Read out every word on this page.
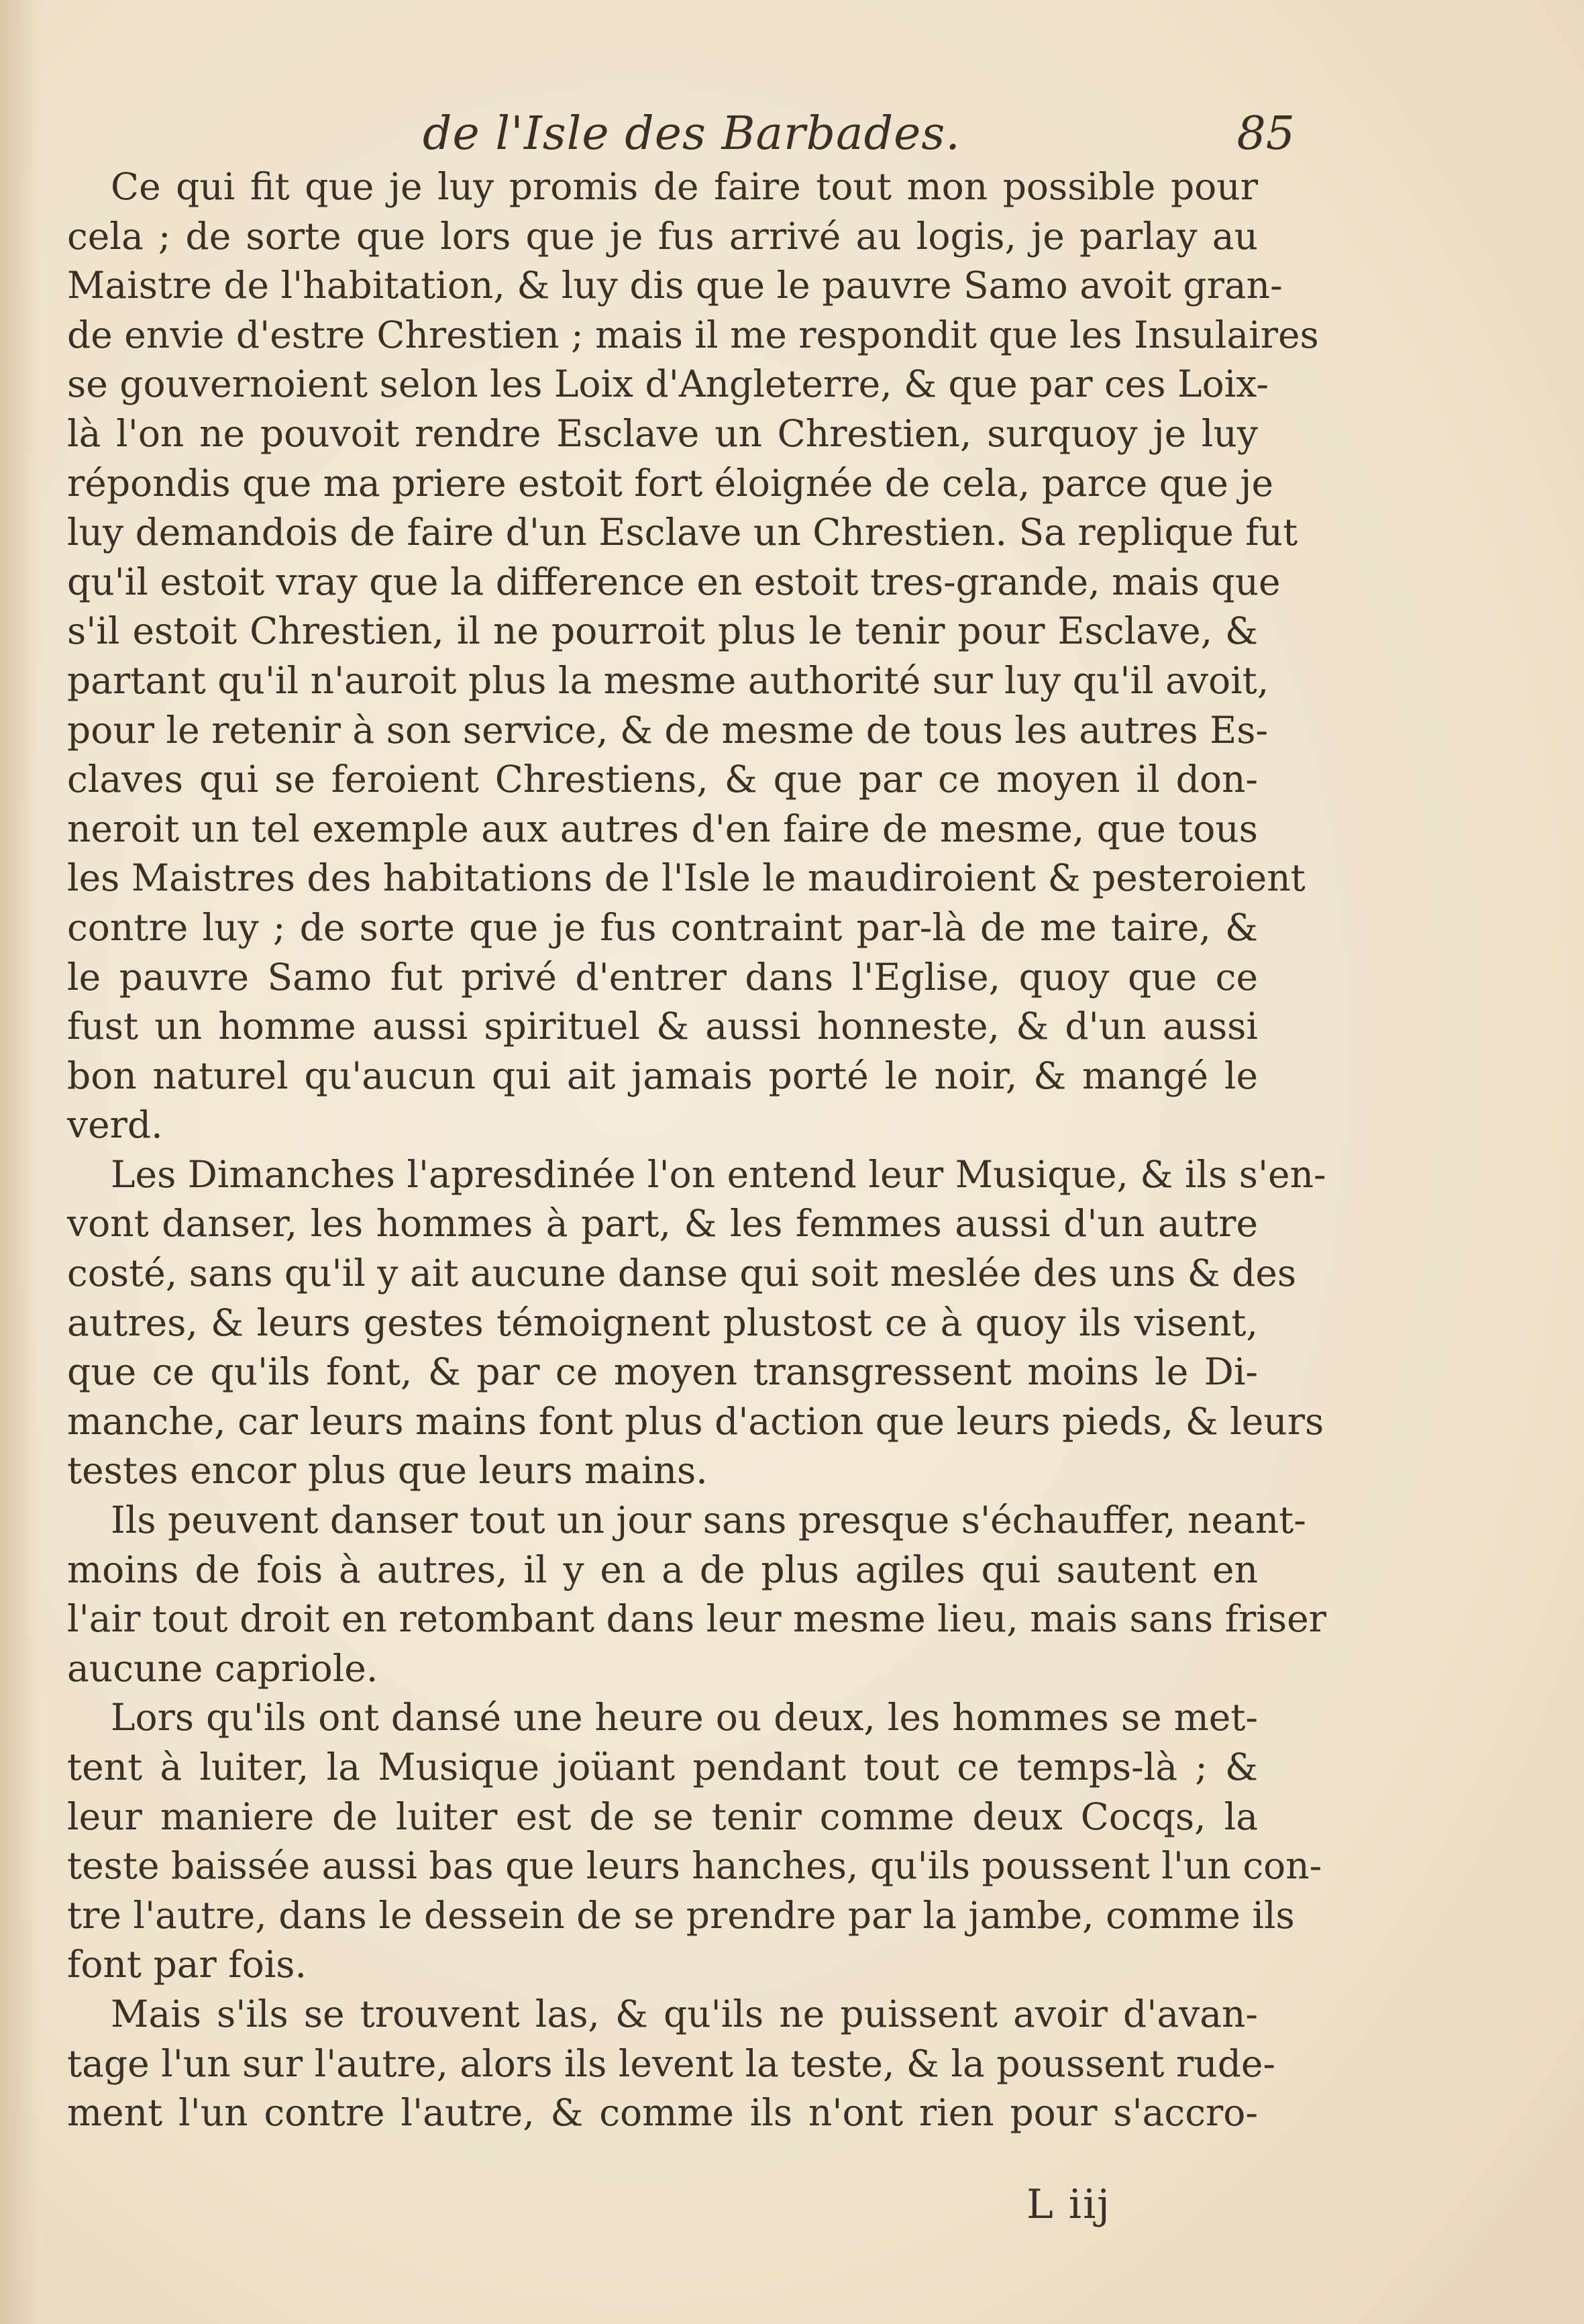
de l'Isle des Barbades.	85
Ce qui fit que je luy promis de faire tout mon possible pour
cela ; de sorte que lors que je fus arrivé au logis, je parlay au
Maistre de l'habitation, & luy dis que le pauvre Samo avoit gran-
de envie d'estre Chrestien ; mais il me respondit que les Insulaires
se gouvernoient selon les Loix d'Angleterre, & que par ces Loix-
là l'on ne pouvoit rendre Esclave un Chrestien, surquoy je luy
répondis que ma priere estoit fort éloignée de cela, parce que je
luy demandois de faire d'un Esclave un Chrestien. Sa replique fut
qu'il estoit vray que la difference en estoit tres-grande, mais que
s'il estoit Chrestien, il ne pourroit plus le tenir pour Esclave, &
partant qu'il n'auroit plus la mesme authorité sur luy qu'il avoit,
pour le retenir à son service, & de mesme de tous les autres Es-
claves qui se feroient Chrestiens, & que par ce moyen il don-
neroit un tel exemple aux autres d'en faire de mesme, que tous
les Maistres des habitations de l'Isle le maudiroient & pesteroient
contre luy ; de sorte que je fus contraint par-là de me taire, &
le pauvre Samo fut privé d'entrer dans l'Eglise, quoy que ce
fust un homme aussi spirituel & aussi honneste, & d'un aussi
bon naturel qu'aucun qui ait jamais porté le noir, & mangé le
verd.
Les Dimanches l'apresdinée l'on entend leur Musique, & ils s'en-
vont danser, les hommes à part, & les femmes aussi d'un autre
costé, sans qu'il y ait aucune danse qui soit meslée des uns & des
autres, & leurs gestes témoignent plustost ce à quoy ils visent,
que ce qu'ils font, & par ce moyen transgressent moins le Di-
manche, car leurs mains font plus d'action que leurs pieds, & leurs
testes encor plus que leurs mains.
Ils peuvent danser tout un jour sans presque s'échauffer, neant-
moins de fois à autres, il y en a de plus agiles qui sautent en
l'air tout droit en retombant dans leur mesme lieu, mais sans friser
aucune capriole.
Lors qu'ils ont dansé une heure ou deux, les hommes se met-
tent à luiter, la Musique joüant pendant tout ce temps-là ; &
leur maniere de luiter est de se tenir comme deux Cocqs, la
teste baissée aussi bas que leurs hanches, qu'ils poussent l'un con-
tre l'autre, dans le dessein de se prendre par la jambe, comme ils
font par fois.
Mais s'ils se trouvent las, & qu'ils ne puissent avoir d'avan-
tage l'un sur l'autre, alors ils levent la teste, & la poussent rude-
ment l'un contre l'autre, & comme ils n'ont rien pour s'accro-
L iij
